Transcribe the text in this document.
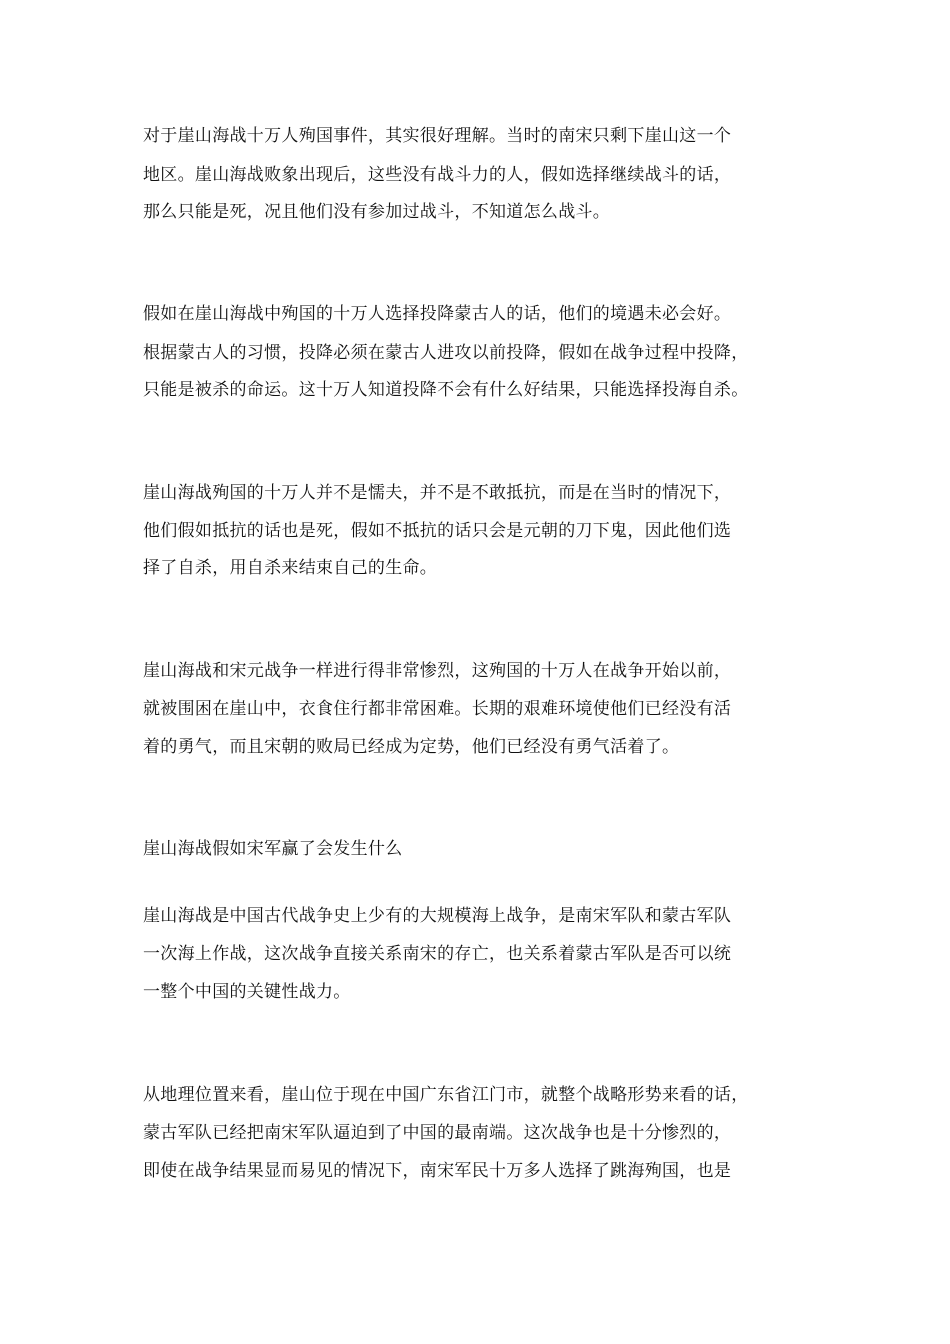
对于崖山海战十万人殉国事件，其实很好理解。当时的南宋只剩下崖山这一个
地区。崖山海战败象出现后，这些没有战斗力的人，假如选择继续战斗的话，
那么只能是死，况且他们没有参加过战斗，不知道怎么战斗。
假如在崖山海战中殉国的十万人选择投降蒙古人的话，他们的境遇未必会好。
根据蒙古人的习惯，投降必须在蒙古人进攻以前投降，假如在战争过程中投降，
只能是被杀的命运。这十万人知道投降不会有什么好结果，只能选择投海自杀。
崖山海战殉国的十万人并不是懦夫，并不是不敢抵抗，而是在当时的情况下，
他们假如抵抗的话也是死，假如不抵抗的话只会是元朝的刀下鬼，因此他们选
择了自杀，用自杀来结束自己的生命。
崖山海战和宋元战争一样进行得非常惨烈，这殉国的十万人在战争开始以前，
就被围困在崖山中，衣食住行都非常困难。长期的艰难环境使他们已经没有活
着的勇气，而且宋朝的败局已经成为定势，他们已经没有勇气活着了。
崖山海战假如宋军赢了会发生什么
崖山海战是中国古代战争史上少有的大规模海上战争，是南宋军队和蒙古军队
一次海上作战，这次战争直接关系南宋的存亡，也关系着蒙古军队是否可以统
一整个中国的关键性战力。
从地理位置来看，崖山位于现在中国广东省江门市，就整个战略形势来看的话，
蒙古军队已经把南宋军队逼迫到了中国的最南端。这次战争也是十分惨烈的，
即使在战争结果显而易见的情况下，南宋军民十万多人选择了跳海殉国，也是
